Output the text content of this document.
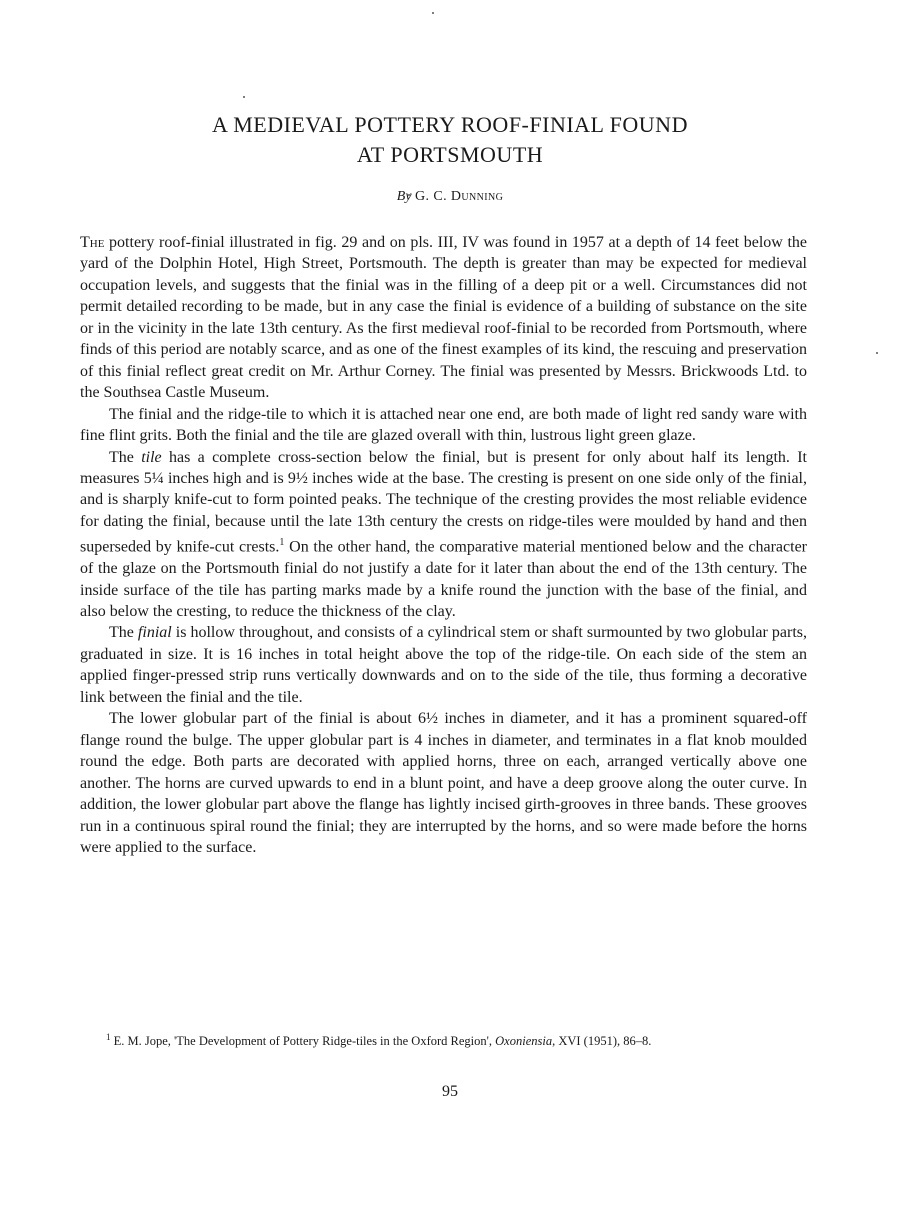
A MEDIEVAL POTTERY ROOF-FINIAL FOUND
AT PORTSMOUTH
By G. C. Dunning

The pottery roof-finial illustrated in fig. 29 and on pls. III, IV was found in 1957 at a depth of 14 feet below the yard of the Dolphin Hotel, High Street, Portsmouth. The depth is greater than may be expected for medieval occupation levels, and suggests that the finial was in the filling of a deep pit or a well. Circumstances did not permit detailed recording to be made, but in any case the finial is evidence of a building of substance on the site or in the vicinity in the late 13th century. As the first medieval roof-finial to be recorded from Portsmouth, where finds of this period are notably scarce, and as one of the finest examples of its kind, the rescuing and preservation of this finial reflect great credit on Mr. Arthur Corney. The finial was presented by Messrs. Brickwoods Ltd. to the Southsea Castle Museum.

The finial and the ridge-tile to which it is attached near one end, are both made of light red sandy ware with fine flint grits. Both the finial and the tile are glazed overall with thin, lustrous light green glaze.

The tile has a complete cross-section below the finial, but is present for only about half its length. It measures 5¼ inches high and is 9½ inches wide at the base. The cresting is present on one side only of the finial, and is sharply knife-cut to form pointed peaks. The technique of the cresting provides the most reliable evidence for dating the finial, because until the late 13th century the crests on ridge-tiles were moulded by hand and then superseded by knife-cut crests.$^1$ On the other hand, the comparative material mentioned below and the character of the glaze on the Portsmouth finial do not justify a date for it later than about the end of the 13th century. The inside surface of the tile has parting marks made by a knife round the junction with the base of the finial, and also below the cresting, to reduce the thickness of the clay.

The finial is hollow throughout, and consists of a cylindrical stem or shaft surmounted by two globular parts, graduated in size. It is 16 inches in total height above the top of the ridge-tile. On each side of the stem an applied finger-pressed strip runs vertically downwards and on to the side of the tile, thus forming a decorative link between the finial and the tile.

The lower globular part of the finial is about 6½ inches in diameter, and it has a prominent squared-off flange round the bulge. The upper globular part is 4 inches in diameter, and terminates in a flat knob moulded round the edge. Both parts are decorated with applied horns, three on each, arranged vertically above one another. The horns are curved upwards to end in a blunt point, and have a deep groove along the outer curve. In addition, the lower globular part above the flange has lightly incised girth-grooves in three bands. These grooves run in a continuous spiral round the finial; they are interrupted by the horns, and so were made before the horns were applied to the surface.

$^1$ E. M. Jope, 'The Development of Pottery Ridge-tiles in the Oxford Region', Oxoniensia, XVI (1951), 86–8.
95
